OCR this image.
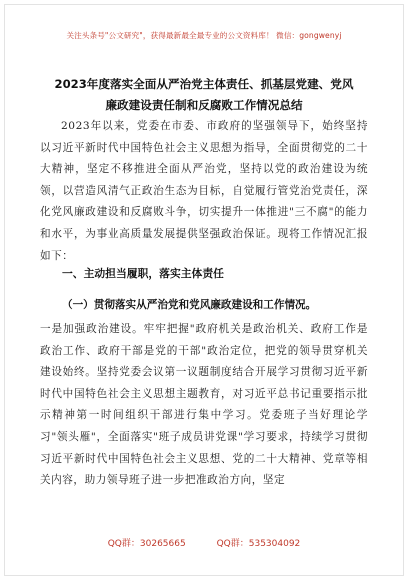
关注头条号"公文研究"，获得最新最全最专业的公文资料库！ 微信：gongwenyj
2023年度落实全面从严治党主体责任、抓基层党建、党风
廉政建设责任制和反腐败工作情况总结
2023年以来，党委在市委、市政府的坚强领导下，始终坚持以习近平新时代中国特色社会主义思想为指导，全面贯彻党的二十大精神，坚定不移推进全面从严治党，坚持以党的政治建设为统领，以营造风清气正政治生态为目标，自觉履行管党治党责任，深化党风廉政建设和反腐败斗争，切实提升一体推进"三不腐"的能力和水平，为事业高质量发展提供坚强政治保证。现将工作情况汇报如下：
一、主动担当履职，落实主体责任
（一）贯彻落实从严治党和党风廉政建设和工作情况。
一是加强政治建设。牢牢把握"政府机关是政治机关、政府工作是政治工作、政府干部是党的干部"政治定位，把党的领导贯穿机关建设始终。坚持党委会议第一议题制度结合开展学习贯彻习近平新时代中国特色社会主义思想主题教育，对习近平总书记重要指示批示精神第一时间组织干部进行集中学习。党委班子当好理论学习"领头雁"，全面落实"班子成员讲党课"学习要求，持续学习贯彻习近平新时代中国特色社会主义思想、党的二十大精神、党章等相关内容，助力领导班子进一步把准政治方向，坚定
QQ群：30265665	QQ群：535304092
